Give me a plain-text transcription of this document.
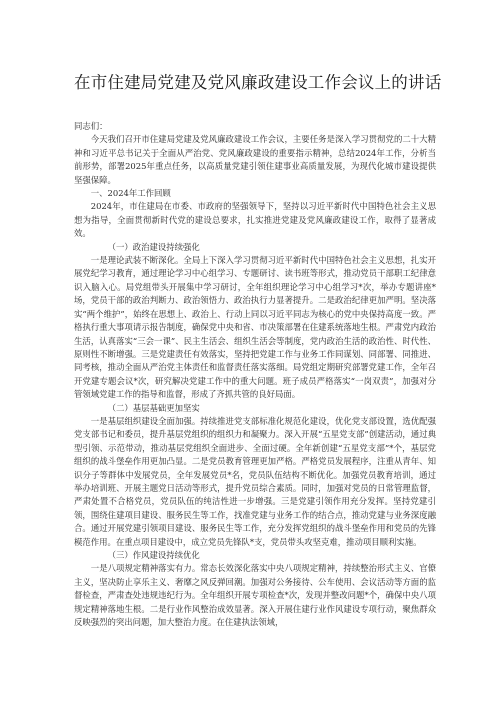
在市住建局党建及党风廉政建设工作会议上的讲话

同志们：

今天我们召开市住建局党建及党风廉政建设工作会议，主要任务是深入学习贯彻党的二十大精神和习近平总书记关于全面从严治党、党风廉政建设的重要指示精神，总结2024年工作，分析当前形势，部署2025年重点任务，以高质量党建引领住建事业高质量发展，为现代化城市建设提供坚强保障。

一、2024年工作回顾

2024年，市住建局在市委、市政府的坚强领导下，坚持以习近平新时代中国特色社会主义思想为指导，全面贯彻新时代党的建设总要求，扎实推进党建及党风廉政建设工作，取得了显著成效。

（一）政治建设持续强化

一是理论武装不断深化。全局上下深入学习贯彻习近平新时代中国特色社会主义思想，扎实开展党纪学习教育，通过理论学习中心组学习、专题研讨、读书班等形式，推动党员干部职工纪律意识入脑入心。局党组带头开展集中学习研讨，全年组织理论学习中心组学习*次，举办专题讲座*场，党员干部的政治判断力、政治领悟力、政治执行力显著提升。二是政治纪律更加严明。坚决落实“两个维护”，始终在思想上、政治上、行动上同以习近平同志为核心的党中央保持高度一致。严格执行重大事项请示报告制度，确保党中央和省、市决策部署在住建系统落地生根。严肃党内政治生活，认真落实“三会一课”、民主生活会、组织生活会等制度，党内政治生活的政治性、时代性、原则性不断增强。三是党建责任有效落实，坚持把党建工作与业务工作同谋划、同部署、同推进、同考核，推动全面从严治党主体责任和监督责任落实落细。局党组定期研究部署党建工作，全年召开党建专题会议*次，研究解决党建工作中的重大问题。班子成员严格落实“一岗双责”，加强对分管领域党建工作的指导和监督，形成了齐抓共管的良好局面。

（二）基层基础更加坚实

一是基层组织建设全面加强。持续推进党支部标准化规范化建设，优化党支部设置，选优配强党支部书记和委员，提升基层党组织的组织力和凝聚力。深入开展“五星党支部”创建活动，通过典型引领、示范带动，推动基层党组织全面进步、全面过硬。全年新创建“五星党支部”*个，基层党组织的战斗堡垒作用更加凸显。二是党员教育管理更加严格。严格党员发展程序，注重从青年、知识分子等群体中发展党员，全年发展党员*名，党员队伍结构不断优化。加强党员教育培训，通过举办培训班、开展主题党日活动等形式，提升党员综合素质。同时，加强对党员的日常管理监督，严肃处置不合格党员，党员队伍的纯洁性进一步增强。三是党建引领作用充分发挥。坚持党建引领，围绕住建项目建设、服务民生等工作，找准党建与业务工作的结合点，推动党建与业务深度融合。通过开展党建引领项目建设、服务民生等工作，充分发挥党组织的战斗堡垒作用和党员的先锋模范作用。在重点项目建设中，成立党员先锋队*支，党员带头攻坚克难，推动项目顺利实施。

（三）作风建设持续优化

一是八项规定精神落实有力。常态长效深化落实中央八项规定精神，持续整治形式主义、官僚主义，坚决防止享乐主义、奢靡之风反弹回潮。加强对公务接待、公车使用、会议活动等方面的监督检查，严肃查处违规违纪行为。全年组织开展专项检查*次，发现并整改问题*个，确保中央八项规定精神落地生根。二是行业作风整治成效显著。深入开展住建行业作风建设专项行动，聚焦群众反映强烈的突出问题，加大整治力度。在住建执法领域，
